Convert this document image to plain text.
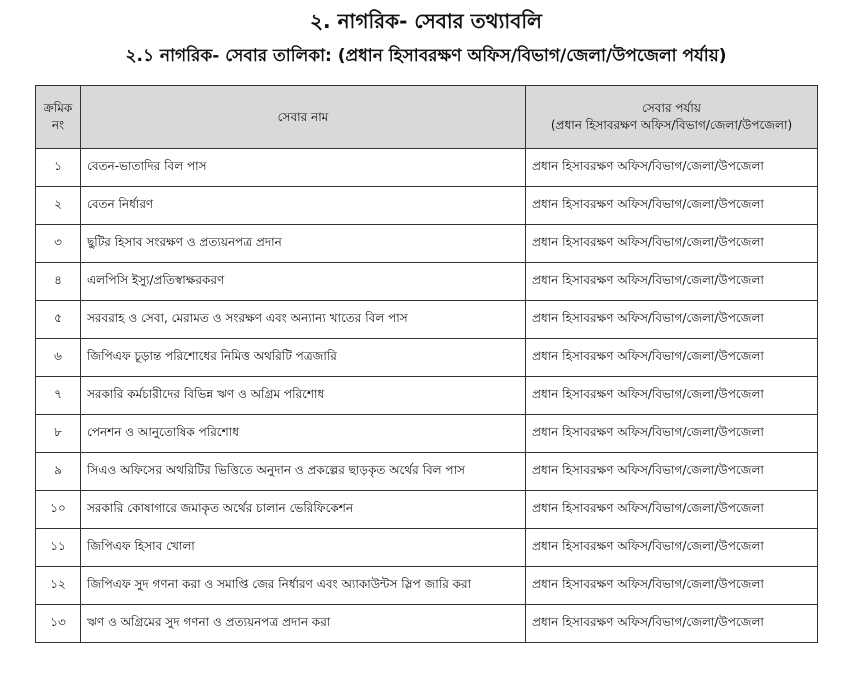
২. নাগরিক- সেবার তথ্যাবলি
২.১ নাগরিক- সেবার তালিকা: (প্রধান হিসাবরক্ষণ অফিস/বিভাগ/জেলা/উপজেলা পর্যায়)
ক্রমিক
নং	সেবার নাম	সেবার পর্যায়
(প্রধান হিসাবরক্ষণ অফিস/বিভাগ/জেলা/উপজেলা)

১	বেতন-ভাতাদির বিল পাস	প্রধান হিসাবরক্ষণ অফিস/বিভাগ/জেলা/উপজেলা
২	বেতন নির্ধারণ	প্রধান হিসাবরক্ষণ অফিস/বিভাগ/জেলা/উপজেলা
৩	ছুটির হিসাব সংরক্ষণ ও প্রত্যয়নপত্র প্রদান	প্রধান হিসাবরক্ষণ অফিস/বিভাগ/জেলা/উপজেলা
৪	এলপিসি ইস্যু/প্রতিস্বাক্ষরকরণ	প্রধান হিসাবরক্ষণ অফিস/বিভাগ/জেলা/উপজেলা
৫	সরবরাহ ও সেবা, মেরামত ও সংরক্ষণ এবং অন্যান্য খাতের বিল পাস	প্রধান হিসাবরক্ষণ অফিস/বিভাগ/জেলা/উপজেলা
৬	জিপিএফ চূড়ান্ত পরিশোধের নিমিত্ত অথরিটি পত্রজারি	প্রধান হিসাবরক্ষণ অফিস/বিভাগ/জেলা/উপজেলা
৭	সরকারি কর্মচারীদের বিভিন্ন ঋণ ও অগ্রিম পরিশোধ	প্রধান হিসাবরক্ষণ অফিস/বিভাগ/জেলা/উপজেলা
৮	পেনশন ও আনুতোষিক পরিশোধ	প্রধান হিসাবরক্ষণ অফিস/বিভাগ/জেলা/উপজেলা
৯	সিএও অফিসের অথরিটির ভিত্তিতে অনুদান ও প্রকল্পের ছাড়কৃত অর্থের বিল পাস	প্রধান হিসাবরক্ষণ অফিস/বিভাগ/জেলা/উপজেলা
১০	সরকারি কোষাগারে জমাকৃত অর্থের চালান ভেরিফিকেশন	প্রধান হিসাবরক্ষণ অফিস/বিভাগ/জেলা/উপজেলা
১১	জিপিএফ হিসাব খোলা	প্রধান হিসাবরক্ষণ অফিস/বিভাগ/জেলা/উপজেলা
১২	জিপিএফ সুদ গণনা করা ও সমাপ্তি জের নির্ধারণ এবং অ্যাকাউন্টস স্লিপ জারি করা	প্রধান হিসাবরক্ষণ অফিস/বিভাগ/জেলা/উপজেলা
১৩	ঋণ ও অগ্রিমের সুদ গণনা ও প্রত্যয়নপত্র প্রদান করা	প্রধান হিসাবরক্ষণ অফিস/বিভাগ/জেলা/উপজেলা
